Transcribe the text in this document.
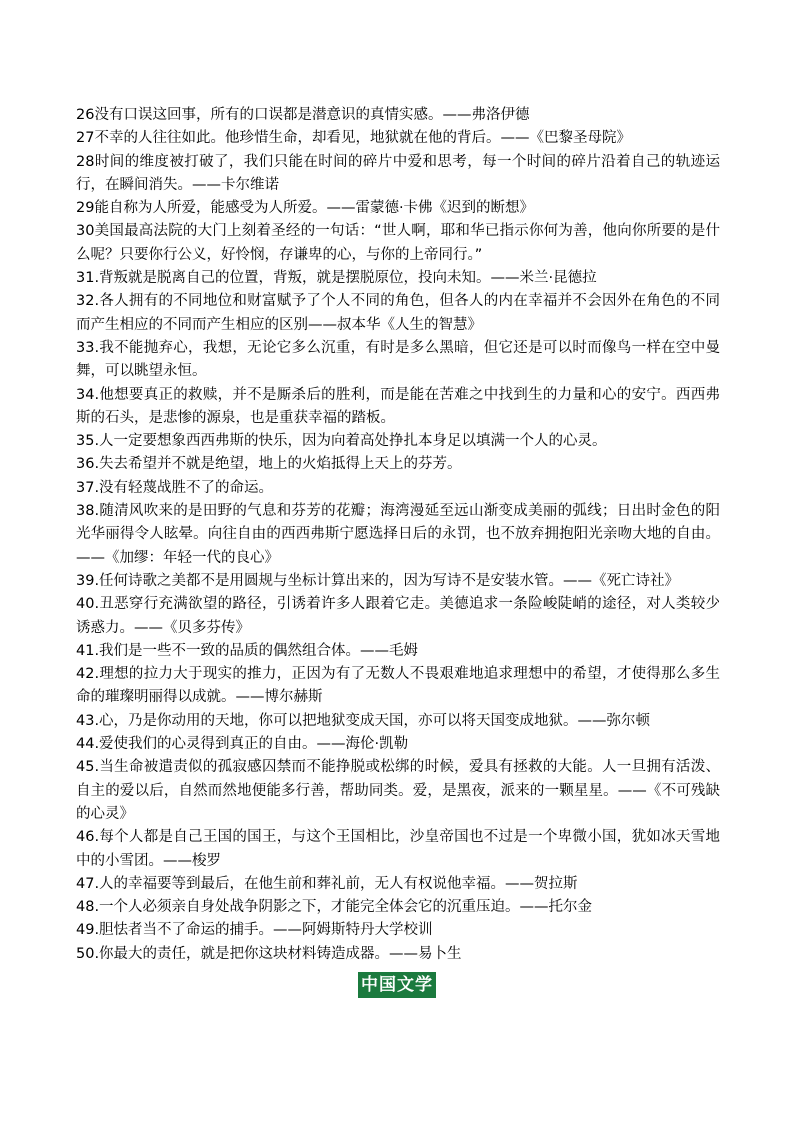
26没有口误这回事，所有的口误都是潜意识的真情实感。——弗洛伊德

27不幸的人往往如此。他珍惜生命，却看见，地狱就在他的背后。——《巴黎圣母院》

28时间的维度被打破了，我们只能在时间的碎片中爱和思考，每一个时间的碎片沿着自己的轨迹运行，在瞬间消失。——卡尔维诺

29能自称为人所爱，能感受为人所爱。——雷蒙德·卡佛《迟到的断想》

30美国最高法院的大门上刻着圣经的一句话：“世人啊，耶和华已指示你何为善，他向你所要的是什么呢？只要你行公义，好怜悯，存谦卑的心，与你的上帝同行。”

31.背叛就是脱离自己的位置，背叛，就是摆脱原位，投向未知。——米兰·昆德拉

32.各人拥有的不同地位和财富赋予了个人不同的角色，但各人的内在幸福并不会因外在角色的不同而产生相应的不同而产生相应的区别——叔本华《人生的智慧》

33.我不能抛弃心，我想，无论它多么沉重，有时是多么黑暗，但它还是可以时而像鸟一样在空中曼舞，可以眺望永恒。

34.他想要真正的救赎，并不是厮杀后的胜利，而是能在苦难之中找到生的力量和心的安宁。西西弗斯的石头，是悲惨的源泉，也是重获幸福的踏板。

35.人一定要想象西西弗斯的快乐，因为向着高处挣扎本身足以填满一个人的心灵。

36.失去希望并不就是绝望，地上的火焰抵得上天上的芬芳。

37.没有轻蔑战胜不了的命运。

38.随清风吹来的是田野的气息和芬芳的花瓣；海湾漫延至远山渐变成美丽的弧线；日出时金色的阳光华丽得令人眩晕。向往自由的西西弗斯宁愿选择日后的永罚，也不放弃拥抱阳光亲吻大地的自由。——《加缪：年轻一代的良心》

39.任何诗歌之美都不是用圆规与坐标计算出来的，因为写诗不是安装水管。——《死亡诗社》

40.丑恶穿行充满欲望的路径，引诱着许多人跟着它走。美德追求一条险峻陡峭的途径，对人类较少诱惑力。——《贝多芬传》

41.我们是一些不一致的品质的偶然组合体。——毛姆

42.理想的拉力大于现实的推力，正因为有了无数人不畏艰难地追求理想中的希望，才使得那么多生命的璀璨明丽得以成就。——博尔赫斯

43.心，乃是你动用的天地，你可以把地狱变成天国，亦可以将天国变成地狱。——弥尔顿

44.爱使我们的心灵得到真正的自由。——海伦·凯勒

45.当生命被遣责似的孤寂感囚禁而不能挣脱或松绑的时候，爱具有拯救的大能。人一旦拥有活泼、自主的爱以后，自然而然地便能多行善，帮助同类。爱，是黑夜，派来的一颗星星。——《不可残缺的心灵》

46.每个人都是自己王国的国王，与这个王国相比，沙皇帝国也不过是一个卑微小国，犹如冰天雪地中的小雪团。——梭罗

47.人的幸福要等到最后，在他生前和葬礼前，无人有权说他幸福。——贺拉斯

48.一个人必须亲自身处战争阴影之下，才能完全体会它的沉重压迫。——托尔金

49.胆怯者当不了命运的捕手。——阿姆斯特丹大学校训

50.你最大的责任，就是把你这块材料铸造成器。——易卜生

中国文学
